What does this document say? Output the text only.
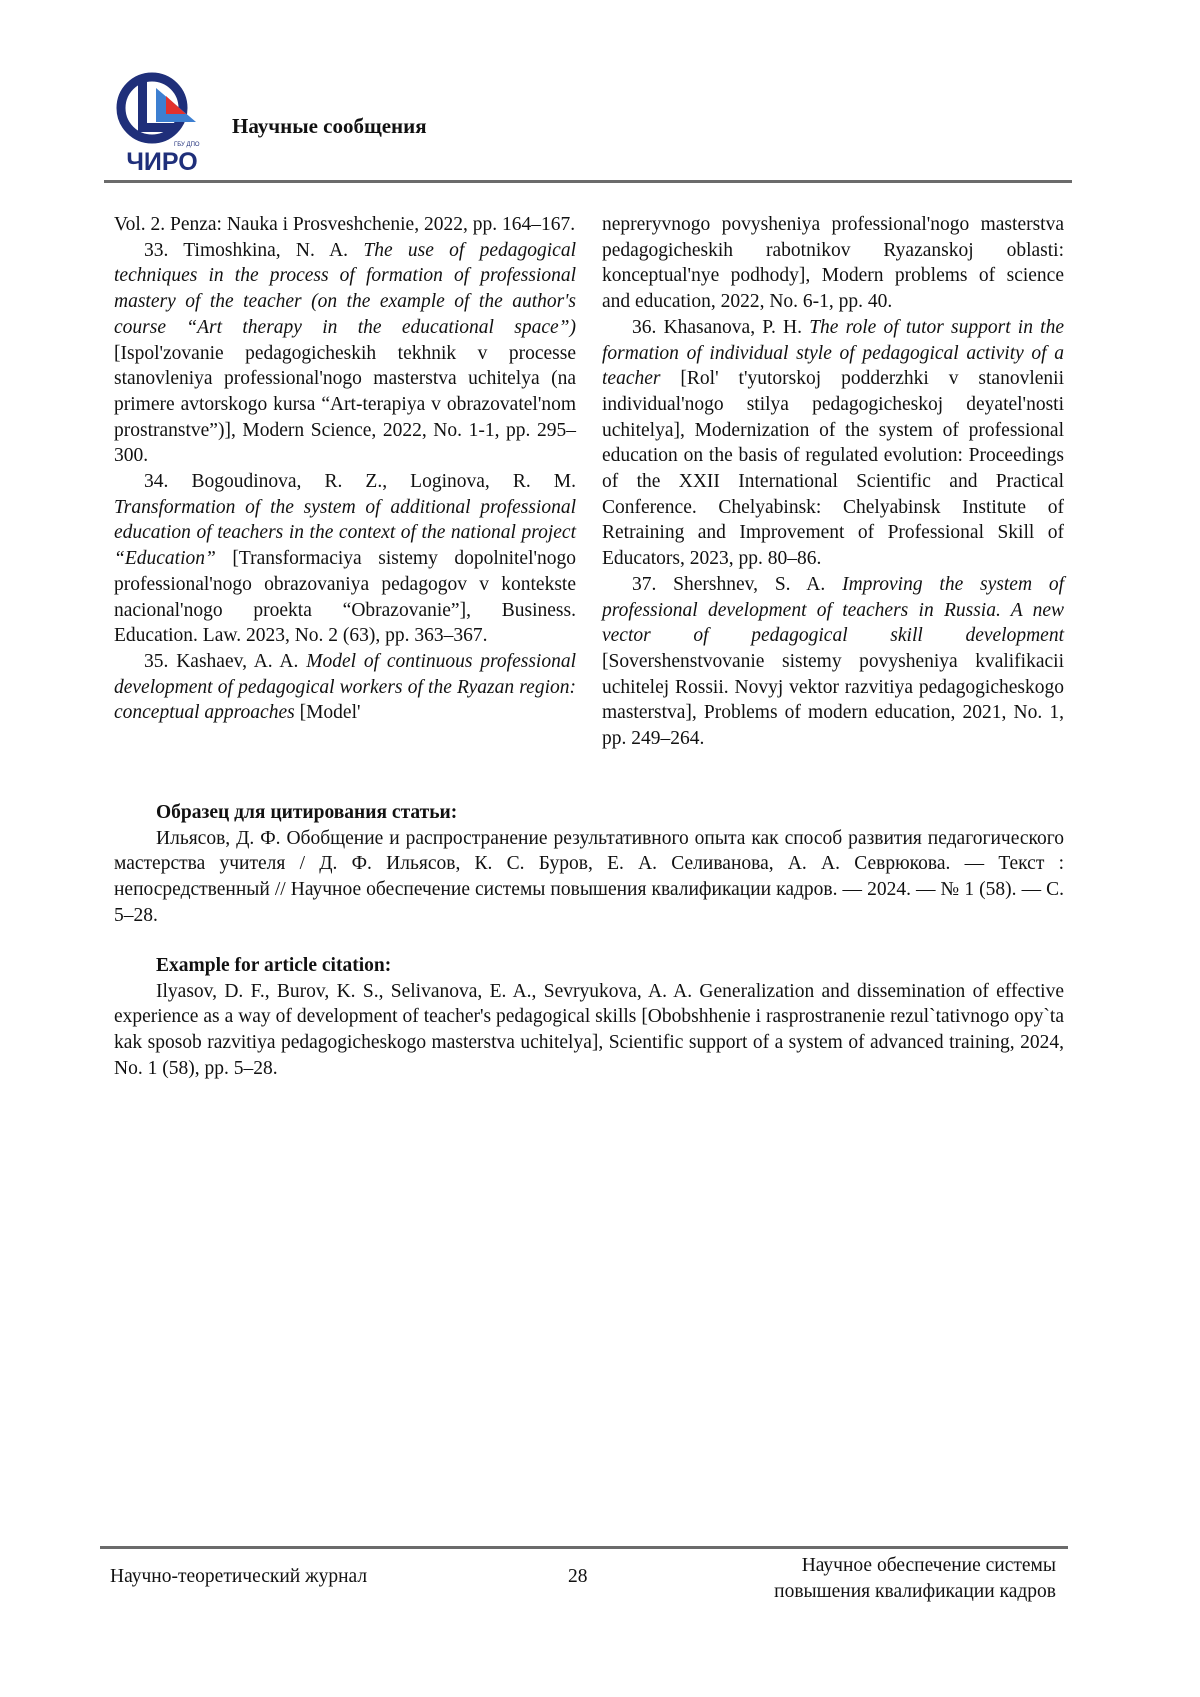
ГБУ ДПО
ЧИРО
Научные сообщения

Vol. 2. Penza: Nauka i Prosveshchenie, 2022, pp. 164–167.

33. Timoshkina, N. A. The use of pedagogical techniques in the process of formation of professional mastery of the teacher (on the example of the author's course “Art therapy in the educational space”) [Ispol'zovanie pedagogicheskih tekhnik v processe stanovleniya professional'nogo masterstva uchitelya (na primere avtorskogo kursa “Art-terapiya v obrazovatel'nom prostranstve”)], Modern Science, 2022, No. 1-1, pp. 295–300.

34. Bogoudinova, R. Z., Loginova, R. M. Transformation of the system of additional professional education of teachers in the context of the national project “Education” [Transformaciya sistemy dopolnitel'nogo professional'nogo obrazovaniya pedagogov v kontekste nacional'nogo proekta “Obrazovanie”], Business. Education. Law. 2023, No. 2 (63), pp. 363–367.

35. Kashaev, A. A. Model of continuous professional development of pedagogical workers of the Ryazan region: conceptual approaches [Model'

nepreryvnogo povysheniya professional'nogo masterstva pedagogicheskih rabotnikov Ryazanskoj oblasti: konceptual'nye podhody], Modern problems of science and education, 2022, No. 6-1, pp. 40.

36. Khasanova, P. H. The role of tutor support in the formation of individual style of pedagogical activity of a teacher [Rol' t'yutorskoj podderzhki v stanovlenii individual'nogo stilya pedagogicheskoj deyatel'nosti uchitelya], Modernization of the system of professional education on the basis of regulated evolution: Proceedings of the XXII International Scientific and Practical Conference. Chelyabinsk: Chelyabinsk Institute of Retraining and Improvement of Professional Skill of Educators, 2023, pp. 80–86.

37. Shershnev, S. A. Improving the system of professional development of teachers in Russia. A new vector of pedagogical skill development [Sovershenstvovanie sistemy povysheniya kvalifikacii uchitelej Rossii. Novyj vektor razvitiya pedagogicheskogo masterstva], Problems of modern education, 2021, No. 1, pp. 249–264.

Образец для цитирования статьи:
Ильясов, Д. Ф. Обобщение и распространение результативного опыта как способ развития педагогического мастерства учителя / Д. Ф. Ильясов, К. С. Буров, Е. А. Селиванова, А. А. Севрюкова. — Текст : непосредственный // Научное обеспечение системы повышения квалификации кадров. — 2024. — № 1 (58). — С. 5–28.
Example for article citation:
Ilyasov, D. F., Burov, K. S., Selivanova, E. A., Sevryukova, A. A. Generalization and dissemination of effective experience as a way of development of teacher's pedagogical skills [Obobshhenie i rasprostranenie rezul`tativnogo opy`ta kak sposob razvitiya pedagogicheskogo masterstva uchitelya], Scientific support of a system of advanced training, 2024, No. 1 (58), pp. 5–28.
Научно-теоретический журнал	28
Научное обеспечение системы
повышения квалификации кадров
